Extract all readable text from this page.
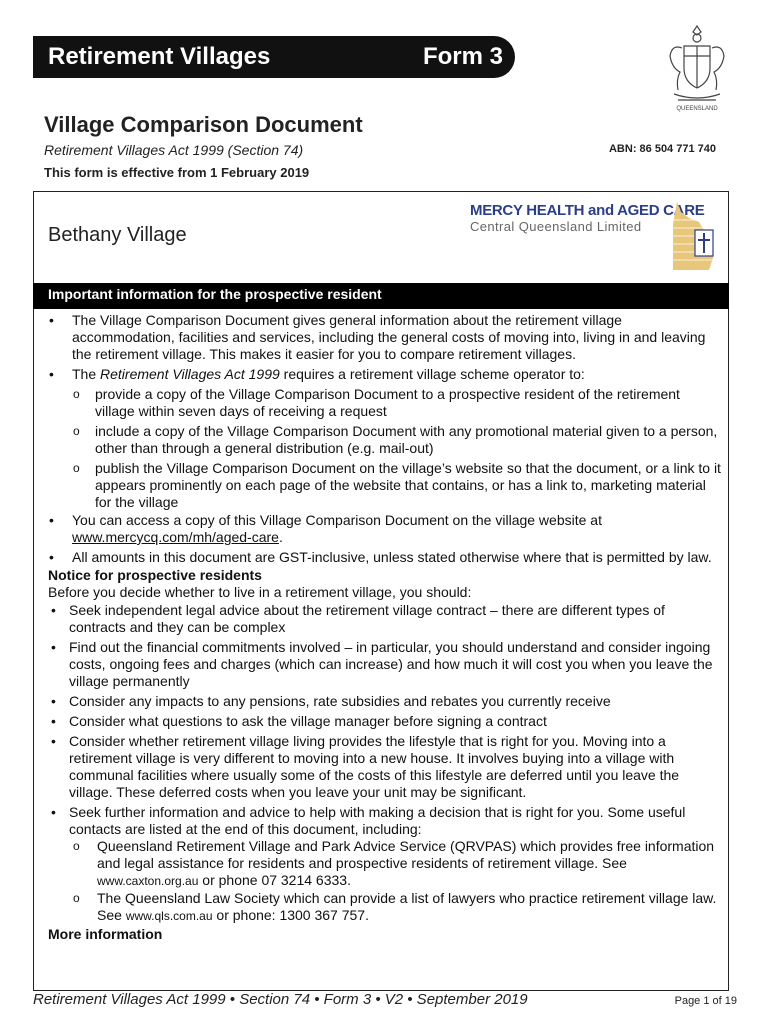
Retirement Villages	Form 3
QUEENSLAND
Village Comparison Document
Retirement Villages Act 1999 (Section 74)	ABN: 86 504 771 740
This form is effective from 1 February 2019
Bethany Village
MERCY HEALTH and AGED CARE
Central Queensland Limited
Important information for the prospective resident
• The Village Comparison Document gives general information about the retirement village accommodation, facilities and services, including the general costs of moving into, living in and leaving the retirement village. This makes it easier for you to compare retirement villages.
• The Retirement Villages Act 1999 requires a retirement village scheme operator to:
o provide a copy of the Village Comparison Document to a prospective resident of the retirement village within seven days of receiving a request
o include a copy of the Village Comparison Document with any promotional material given to a person, other than through a general distribution (e.g. mail-out)
o publish the Village Comparison Document on the village’s website so that the document, or a link to it appears prominently on each page of the website that contains, or has a link to, marketing material for the village
• You can access a copy of this Village Comparison Document on the village website at www.mercycq.com/mh/aged-care.
• All amounts in this document are GST-inclusive, unless stated otherwise where that is permitted by law.
Notice for prospective residents
Before you decide whether to live in a retirement village, you should:
• Seek independent legal advice about the retirement village contract – there are different types of contracts and they can be complex
• Find out the financial commitments involved – in particular, you should understand and consider ingoing costs, ongoing fees and charges (which can increase) and how much it will cost you when you leave the village permanently
• Consider any impacts to any pensions, rate subsidies and rebates you currently receive
• Consider what questions to ask the village manager before signing a contract
• Consider whether retirement village living provides the lifestyle that is right for you. Moving into a retirement village is very different to moving into a new house. It involves buying into a village with communal facilities where usually some of the costs of this lifestyle are deferred until you leave the village. These deferred costs when you leave your unit may be significant.
• Seek further information and advice to help with making a decision that is right for you. Some useful contacts are listed at the end of this document, including:
o Queensland Retirement Village and Park Advice Service (QRVPAS) which provides free information and legal assistance for residents and prospective residents of retirement village. See www.caxton.org.au or phone 07 3214 6333.
o The Queensland Law Society which can provide a list of lawyers who practice retirement village law. See www.qls.com.au or phone: 1300 367 757.
More information
Retirement Villages Act 1999 • Section 74 • Form 3 • V2 • September 2019	Page 1 of 19
